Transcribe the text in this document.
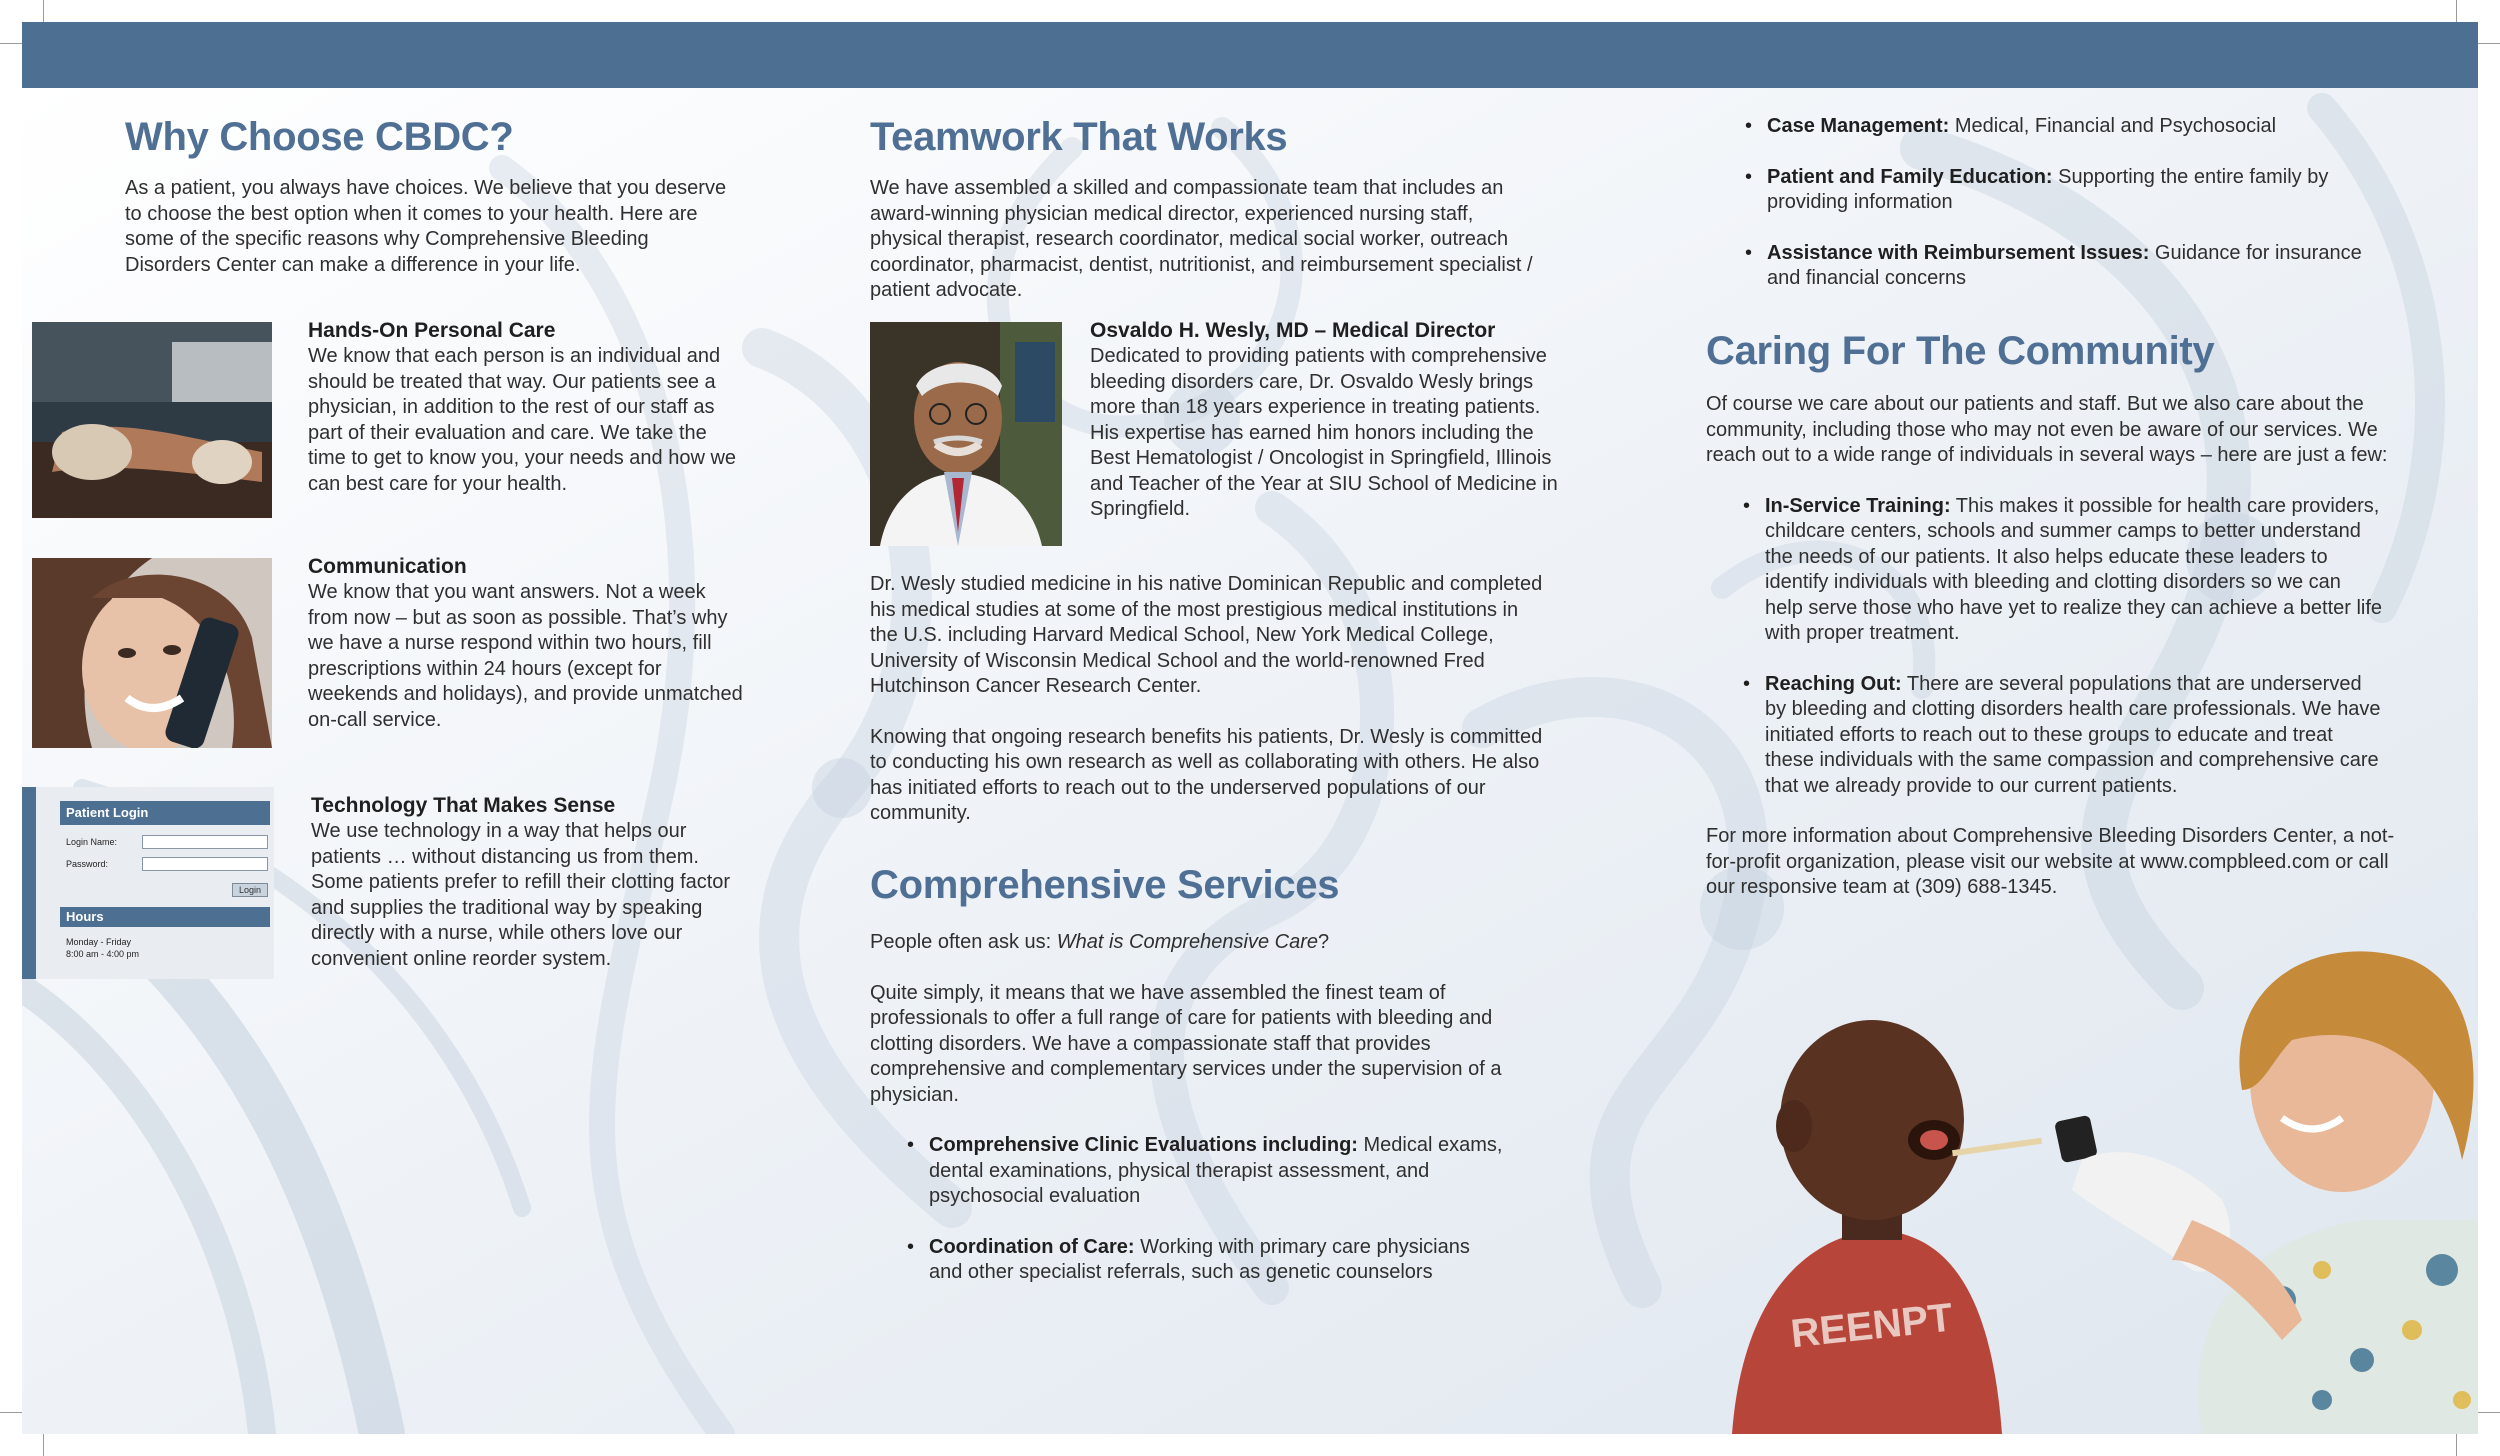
Why Choose CBDC?
As a patient, you always have choices. We believe that you deserve to choose the best option when it comes to your health. Here are some of the specific reasons why Comprehensive Bleeding Disorders Center can make a difference in your life.
Hands-On Personal Care
We know that each person is an individual and should be treated that way. Our patients see a physician, in addition to the rest of our staff as part of their evaluation and care. We take the time to get to know you, your needs and how we can best care for your health.
Communication
We know that you want answers. Not a week from now – but as soon as possible. That’s why we have a nurse respond within two hours, fill prescriptions within 24 hours (except for weekends and holidays), and provide unmatched on-call service.
Patient Login
Login Name:
Password:
Login
Hours
Monday - Friday
8:00 am - 4:00 pm
Technology That Makes Sense
We use technology in a way that helps our patients … without distancing us from them. Some patients prefer to refill their clotting factor and supplies the traditional way by speaking directly with a nurse, while others love our convenient online reorder system.
Teamwork That Works
We have assembled a skilled and compassionate team that includes an award-winning physician medical director, experienced nursing staff, physical therapist, research coordinator, medical social worker, outreach coordinator, pharmacist, dentist, nutritionist, and reimbursement specialist / patient advocate.
Osvaldo H. Wesly, MD – Medical Director
Dedicated to providing patients with comprehensive bleeding disorders care, Dr. Osvaldo Wesly brings more than 18 years experience in treating patients. His expertise has earned him honors including the Best Hematologist / Oncologist in Springfield, Illinois and Teacher of the Year at SIU School of Medicine in Springfield.
Dr. Wesly studied medicine in his native Dominican Republic and completed his medical studies at some of the most prestigious medical institutions in the U.S. including Harvard Medical School, New York Medical College, University of Wisconsin Medical School and the world-renowned Fred Hutchinson Cancer Research Center.
Knowing that ongoing research benefits his patients, Dr. Wesly is committed to conducting his own research as well as collaborating with others. He also has initiated efforts to reach out to the underserved populations of our community.
Comprehensive Services
People often ask us: What is Comprehensive Care?
Quite simply, it means that we have assembled the finest team of professionals to offer a full range of care for patients with bleeding and clotting disorders. We have a compassionate staff that provides comprehensive and complementary services under the supervision of a physician.
• Comprehensive Clinic Evaluations including: Medical exams, dental examinations, physical therapist assessment, and psychosocial evaluation
• Coordination of Care: Working with primary care physicians and other specialist referrals, such as genetic counselors
• Case Management: Medical, Financial and Psychosocial
• Patient and Family Education: Supporting the entire family by providing information
• Assistance with Reimbursement Issues: Guidance for insurance and financial concerns
Caring For The Community
Of course we care about our patients and staff. But we also care about the community, including those who may not even be aware of our services. We reach out to a wide range of individuals in several ways – here are just a few:
• In-Service Training: This makes it possible for health care providers, childcare centers, schools and summer camps to better understand the needs of our patients. It also helps educate these leaders to identify individuals with bleeding and clotting disorders so we can help serve those who have yet to realize they can achieve a better life with proper treatment.
• Reaching Out: There are several populations that are underserved by bleeding and clotting disorders health care professionals. We have initiated efforts to reach out to these groups to educate and treat these individuals with the same compassion and comprehensive care that we already provide to our current patients.
For more information about Comprehensive Bleeding Disorders Center, a not-for-profit organization, please visit our website at www.compbleed.com or call our responsive team at (309) 688-1345.
REENPT
